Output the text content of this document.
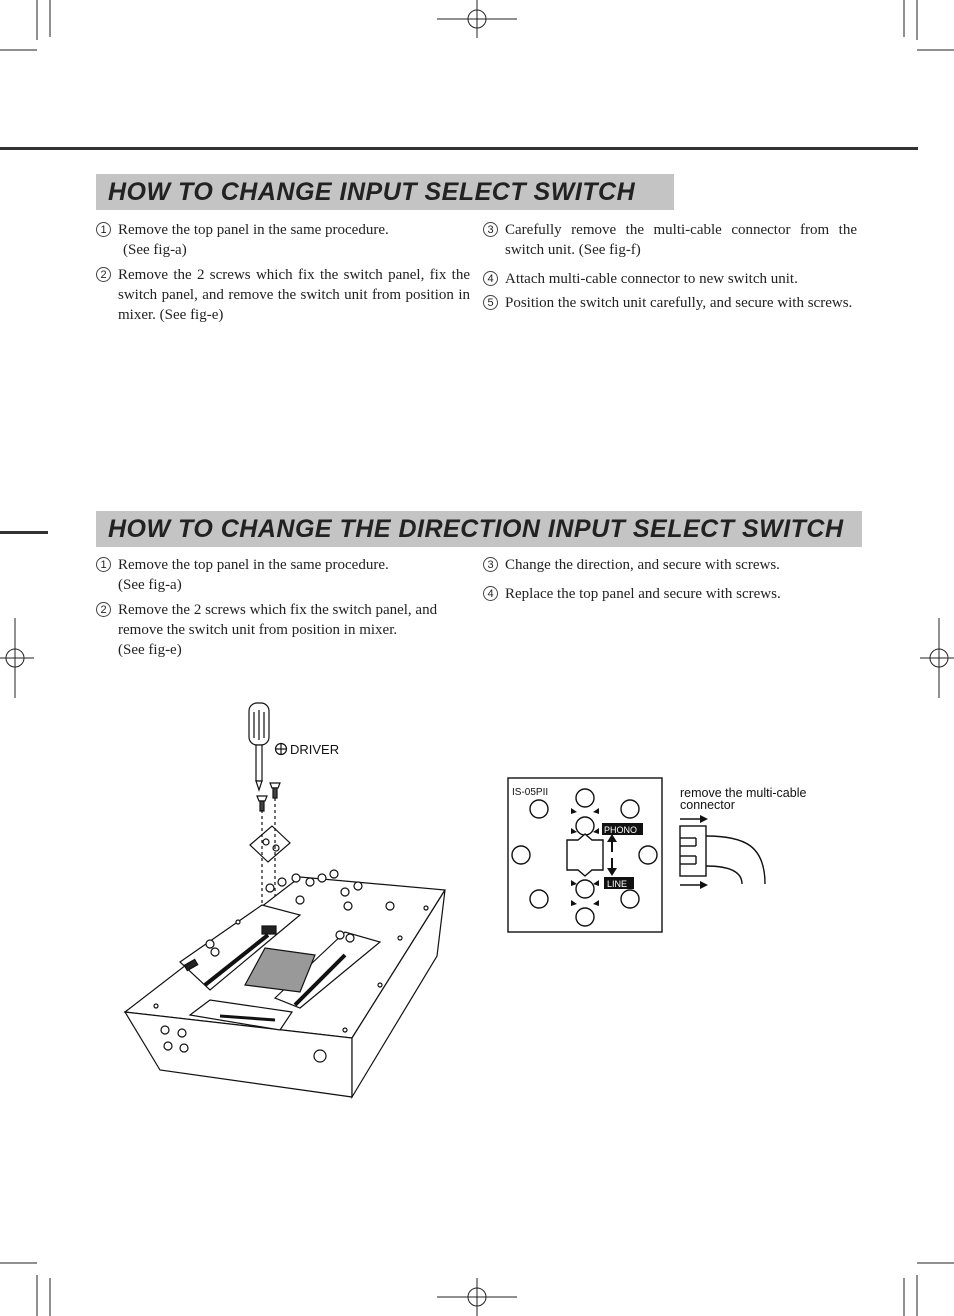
HOW TO CHANGE INPUT SELECT SWITCH
1 Remove the top panel in the same procedure.
(See fig-a)
2 Remove the 2 screws which fix the switch panel, fix the switch panel, and remove the switch unit from position in mixer. (See fig-e)
3 Carefully remove the multi-cable connector from the switch unit. (See fig-f)
4 Attach multi-cable connector to new switch unit.
5 Position the switch unit carefully, and secure with screws.
HOW TO CHANGE THE DIRECTION INPUT SELECT SWITCH
1 Remove the top panel in the same procedure.
(See fig-a)
2 Remove the 2 screws which fix the switch panel, and remove the switch unit from position in mixer.
(See fig-e)
3 Change the direction, and secure with screws.
4 Replace the top panel and secure with screws.
DRIVER
IS-05PII
PHONO
LINE
remove the multi-cable connector
